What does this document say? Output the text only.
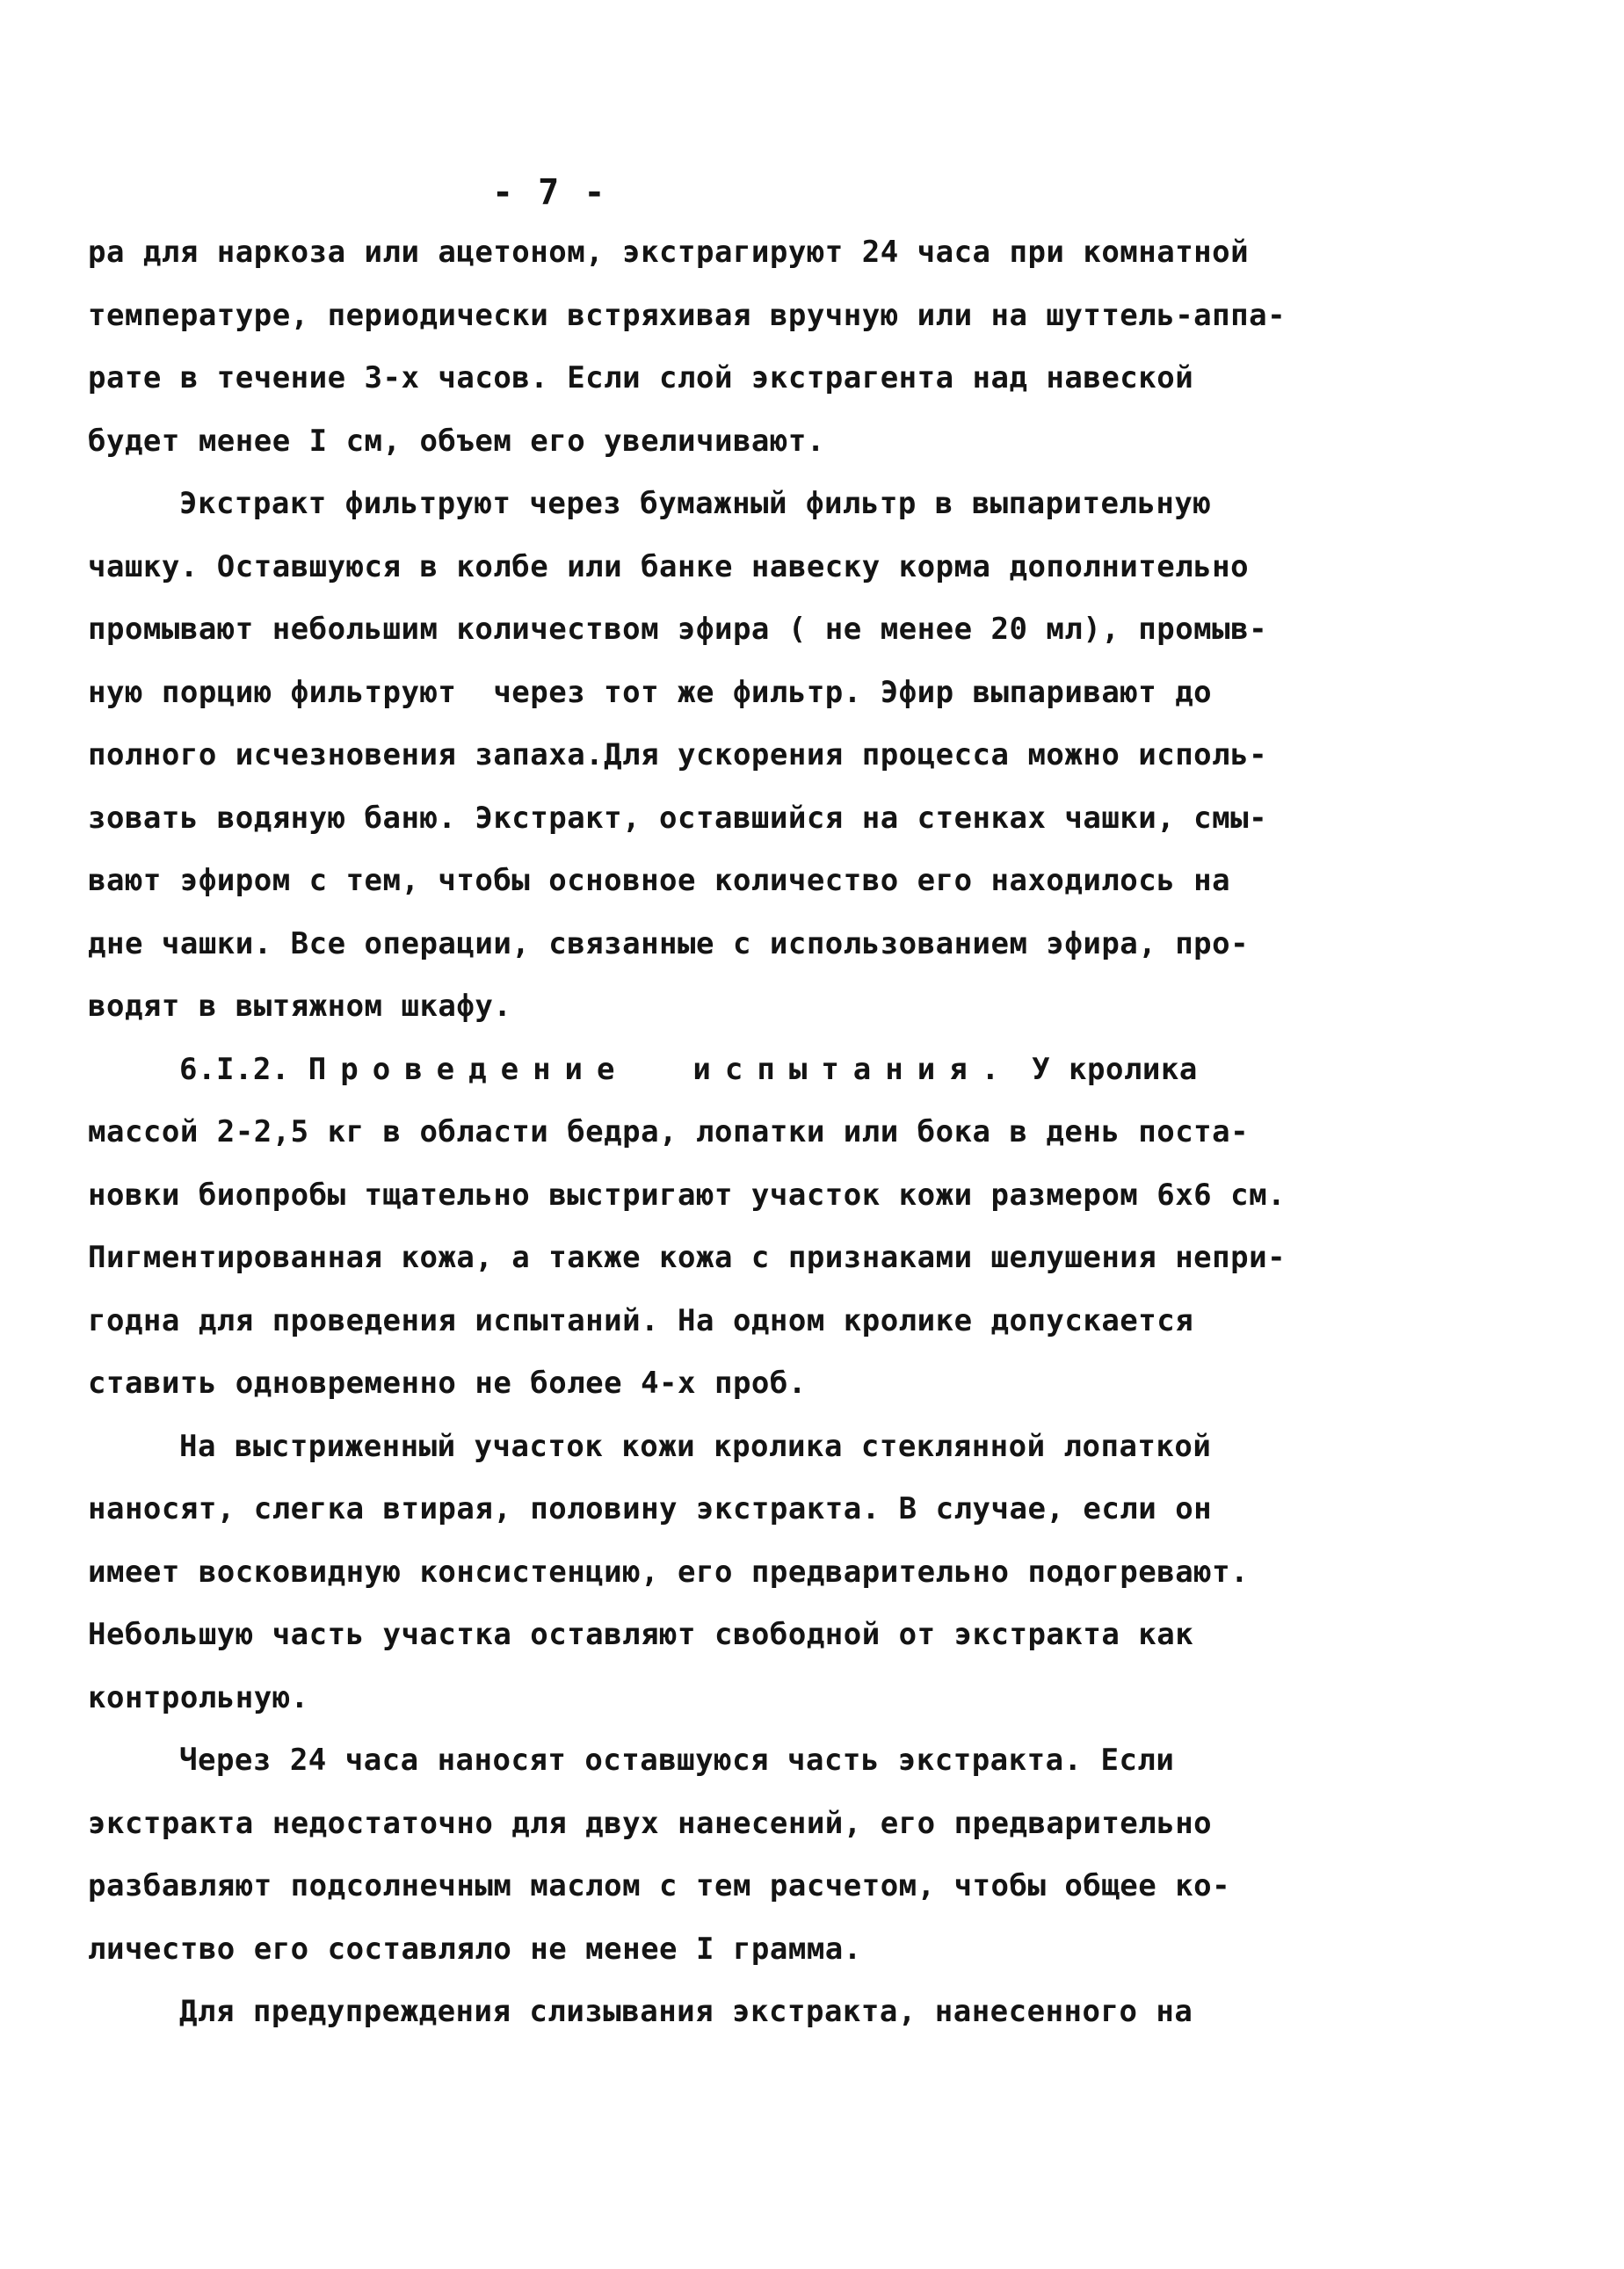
- 7 -
ра для наркоза или ацетоном, экстрагируют 24 часа при комнатной
температуре, периодически встряхивая вручную или на шуттель-аппа-
рате в течение 3-х часов. Если слой экстрагента над навеской
будет менее I см, объем его увеличивают.
Экстракт фильтруют через бумажный фильтр в выпарительную
чашку. Оставшуюся в колбе или банке навеску корма дополнительно
промывают небольшим количеством эфира ( не менее 20 мл), промыв-
ную порцию фильтруют  через тот же фильтр. Эфир выпаривают до
полного исчезновения запаха.Для ускорения процесса можно исполь-
зовать водяную баню. Экстракт, оставшийся на стенках чашки, смы-
вают эфиром с тем, чтобы основное количество его находилось на
дне чашки. Все операции, связанные с использованием эфира, про-
водят в вытяжном шкафу.
6.I.2. Проведение  испытания. У кролика
массой 2-2,5 кг в области бедра, лопатки или бока в день поста-
новки биопробы тщательно выстригают участок кожи размером 6х6 см.
Пигментированная кожа, а также кожа с признаками шелушения непри-
годна для проведения испытаний. На одном кролике допускается
ставить одновременно не более 4-х проб.
На выстриженный участок кожи кролика стеклянной лопаткой
наносят, слегка втирая, половину экстракта. В случае, если он
имеет восковидную консистенцию, его предварительно подогревают.
Небольшую часть участка оставляют свободной от экстракта как
контрольную.
Через 24 часа наносят оставшуюся часть экстракта. Если
экстракта недостаточно для двух нанесений, его предварительно
разбавляют подсолнечным маслом с тем расчетом, чтобы общее ко-
личество его составляло не менее I грамма.
Для предупреждения слизывания экстракта, нанесенного на
